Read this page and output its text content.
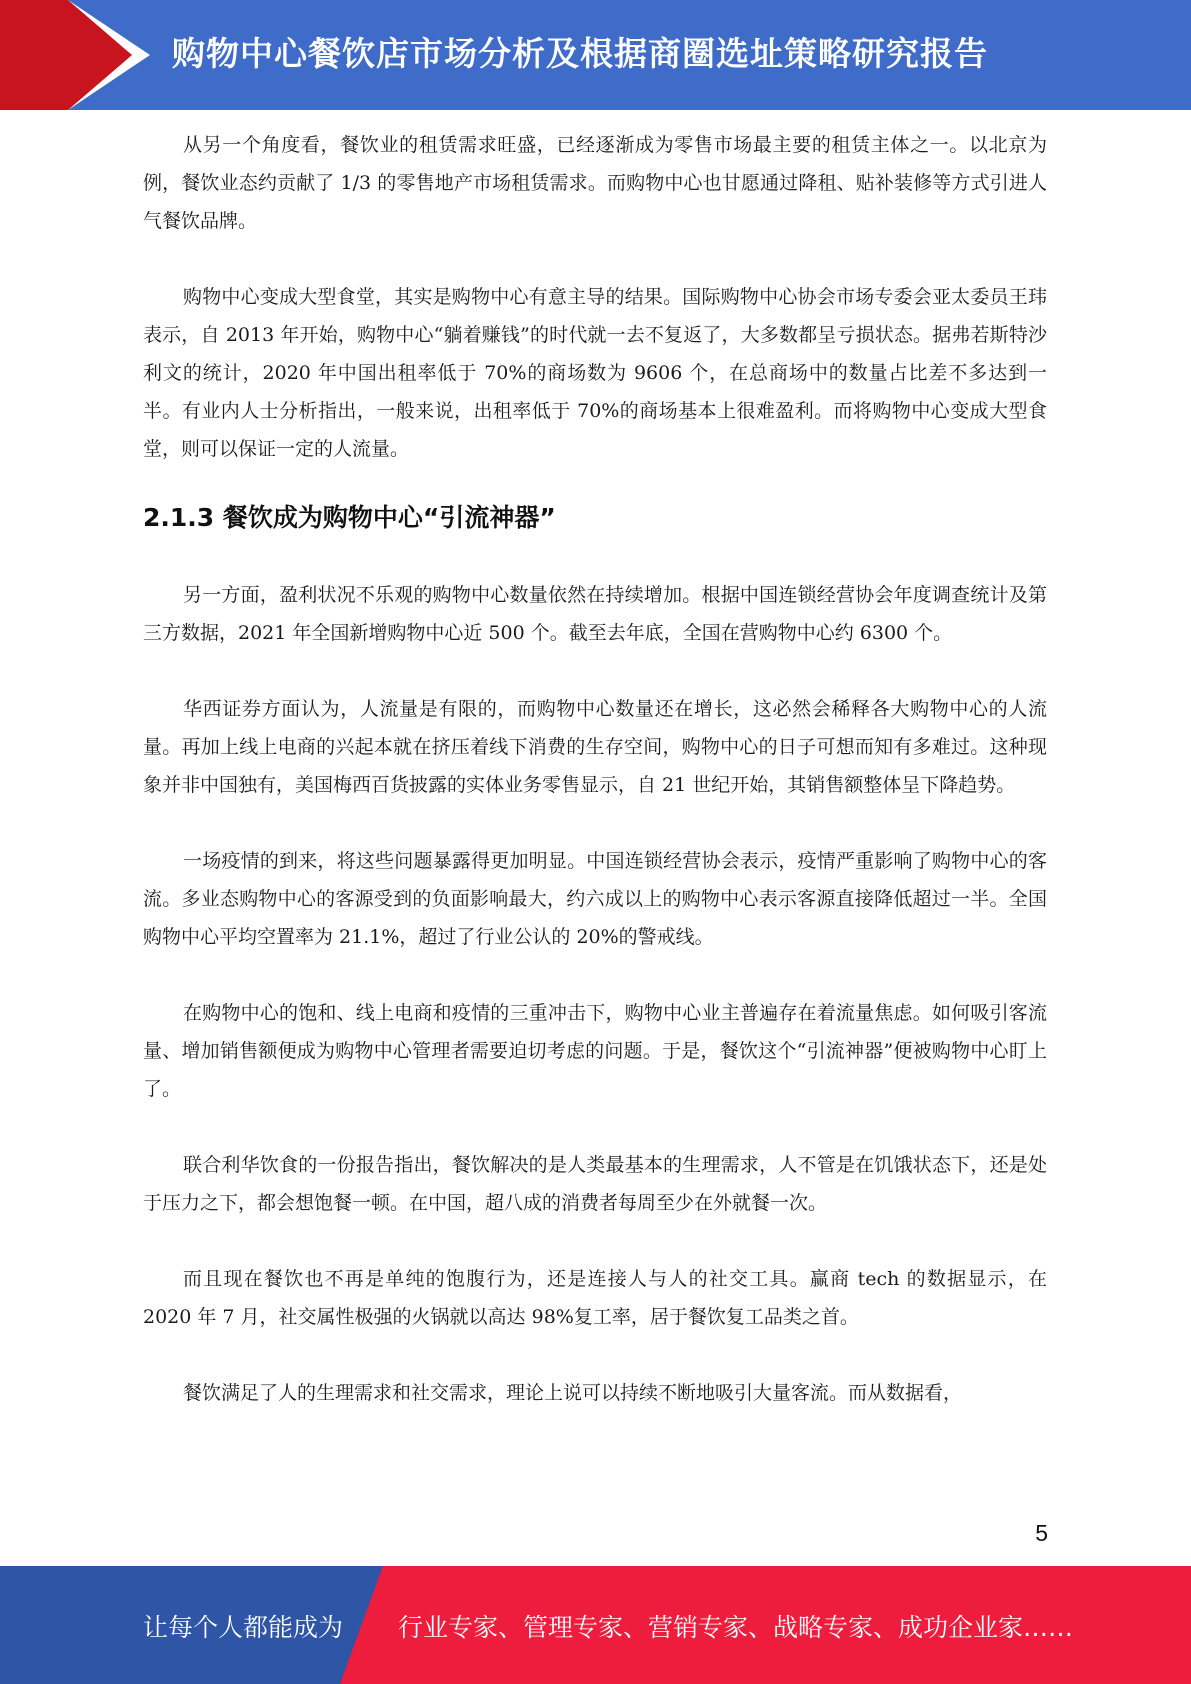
购物中心餐饮店市场分析及根据商圈选址策略研究报告

从另一个角度看，餐饮业的租赁需求旺盛，已经逐渐成为零售市场最主要的租赁主体之一。以北京为例，餐饮业态约贡献了 1/3 的零售地产市场租赁需求。而购物中心也甘愿通过降租、贴补装修等方式引进人气餐饮品牌。

购物中心变成大型食堂，其实是购物中心有意主导的结果。国际购物中心协会市场专委会亚太委员王玮表示，自 2013 年开始，购物中心“躺着赚钱”的时代就一去不复返了，大多数都呈亏损状态。据弗若斯特沙利文的统计，2020 年中国出租率低于 70%的商场数为 9606 个，在总商场中的数量占比差不多达到一半。有业内人士分析指出，一般来说，出租率低于 70%的商场基本上很难盈利。而将购物中心变成大型食堂，则可以保证一定的人流量。

2.1.3 餐饮成为购物中心“引流神器”

另一方面，盈利状况不乐观的购物中心数量依然在持续增加。根据中国连锁经营协会年度调查统计及第三方数据，2021 年全国新增购物中心近 500 个。截至去年底，全国在营购物中心约 6300 个。

华西证券方面认为，人流量是有限的，而购物中心数量还在增长，这必然会稀释各大购物中心的人流量。再加上线上电商的兴起本就在挤压着线下消费的生存空间，购物中心的日子可想而知有多难过。这种现象并非中国独有，美国梅西百货披露的实体业务零售显示，自 21 世纪开始，其销售额整体呈下降趋势。

一场疫情的到来，将这些问题暴露得更加明显。中国连锁经营协会表示，疫情严重影响了购物中心的客流。多业态购物中心的客源受到的负面影响最大，约六成以上的购物中心表示客源直接降低超过一半。全国购物中心平均空置率为 21.1%，超过了行业公认的 20%的警戒线。

在购物中心的饱和、线上电商和疫情的三重冲击下，购物中心业主普遍存在着流量焦虑。如何吸引客流量、增加销售额便成为购物中心管理者需要迫切考虑的问题。于是，餐饮这个“引流神器”便被购物中心盯上了。

联合利华饮食的一份报告指出，餐饮解决的是人类最基本的生理需求，人不管是在饥饿状态下，还是处于压力之下，都会想饱餐一顿。在中国，超八成的消费者每周至少在外就餐一次。

而且现在餐饮也不再是单纯的饱腹行为，还是连接人与人的社交工具。赢商 tech 的数据显示，在 2020 年 7 月，社交属性极强的火锅就以高达 98%复工率，居于餐饮复工品类之首。

餐饮满足了人的生理需求和社交需求，理论上说可以持续不断地吸引大量客流。而从数据看，

5
让每个人都能成为 行业专家、管理专家、营销专家、战略专家、成功企业家……
